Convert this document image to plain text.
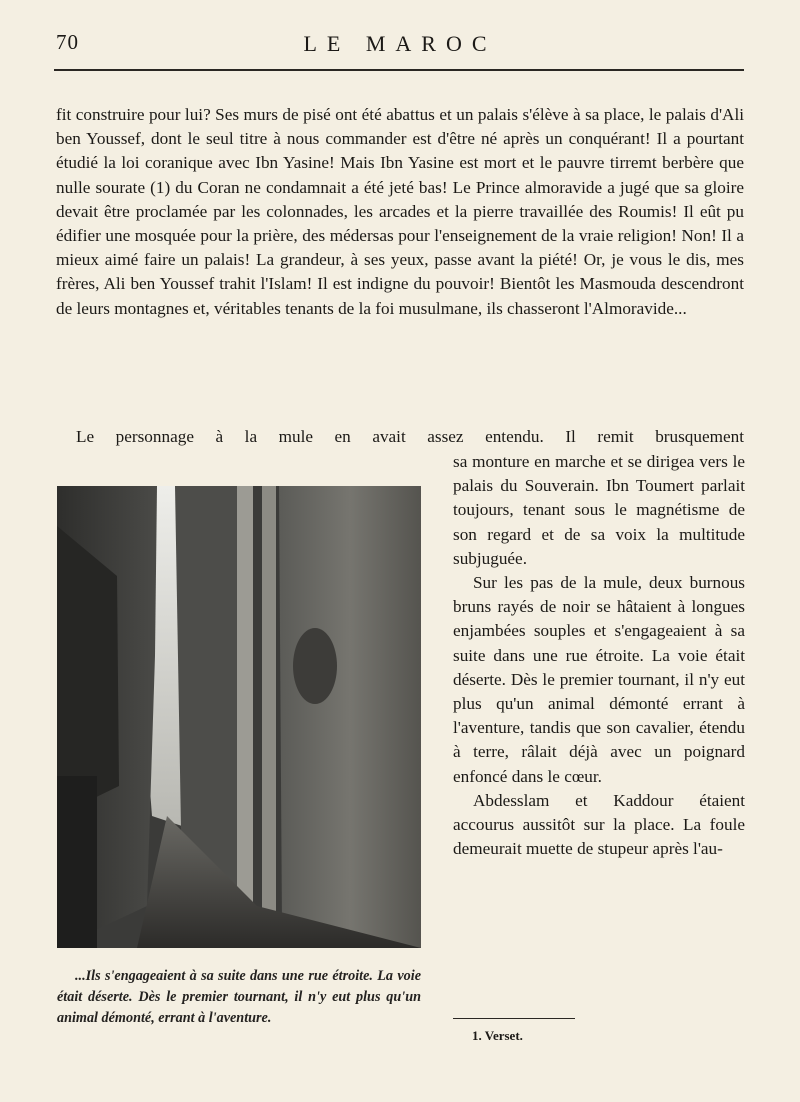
70	LE MAROC

fit construire pour lui? Ses murs de pisé ont été abattus et un palais s'élève à sa place, le palais d'Ali ben Youssef, dont le seul titre à nous commander est d'être né après un conquérant! Il a pourtant étudié la loi coranique avec Ibn Yasine! Mais Ibn Yasine est mort et le pauvre tirremt berbère que nulle sourate (1) du Coran ne condamnait a été jeté bas! Le Prince almoravide a jugé que sa gloire devait être proclamée par les colonnades, les arcades et la pierre travaillée des Roumis! Il eût pu édifier une mosquée pour la prière, des médersas pour l'enseignement de la vraie religion! Non! Il a mieux aimé faire un palais! La grandeur, à ses yeux, passe avant la piété! Or, je vous le dis, mes frères, Ali ben Youssef trahit l'Islam! Il est indigne du pouvoir! Bientôt les Masmouda descendront de leurs montagnes et, véritables tenants de la foi musulmane, ils chasseront l'Almoravide...

Le personnage à la mule en avait assez entendu. Il remit brusquement

...Ils s'engageaient à sa suite dans une rue étroite. La voie était déserte. Dès le premier tournant, il n'y eut plus qu'un animal démonté, errant à l'aventure.

sa monture en marche et se dirigea vers le palais du Souverain. Ibn Toumert parlait toujours, tenant sous le magnétisme de son regard et de sa voix la multitude subjuguée.

Sur les pas de la mule, deux burnous bruns rayés de noir se hâtaient à longues enjambées souples et s'engageaient à sa suite dans une rue étroite. La voie était déserte. Dès le premier tournant, il n'y eut plus qu'un animal démonté errant à l'aventure, tandis que son cavalier, étendu à terre, râlait déjà avec un poignard enfoncé dans le cœur.

Abdesslam et Kaddour étaient accourus aussitôt sur la place. La foule demeurait muette de stupeur après l'au-

1. Verset.
